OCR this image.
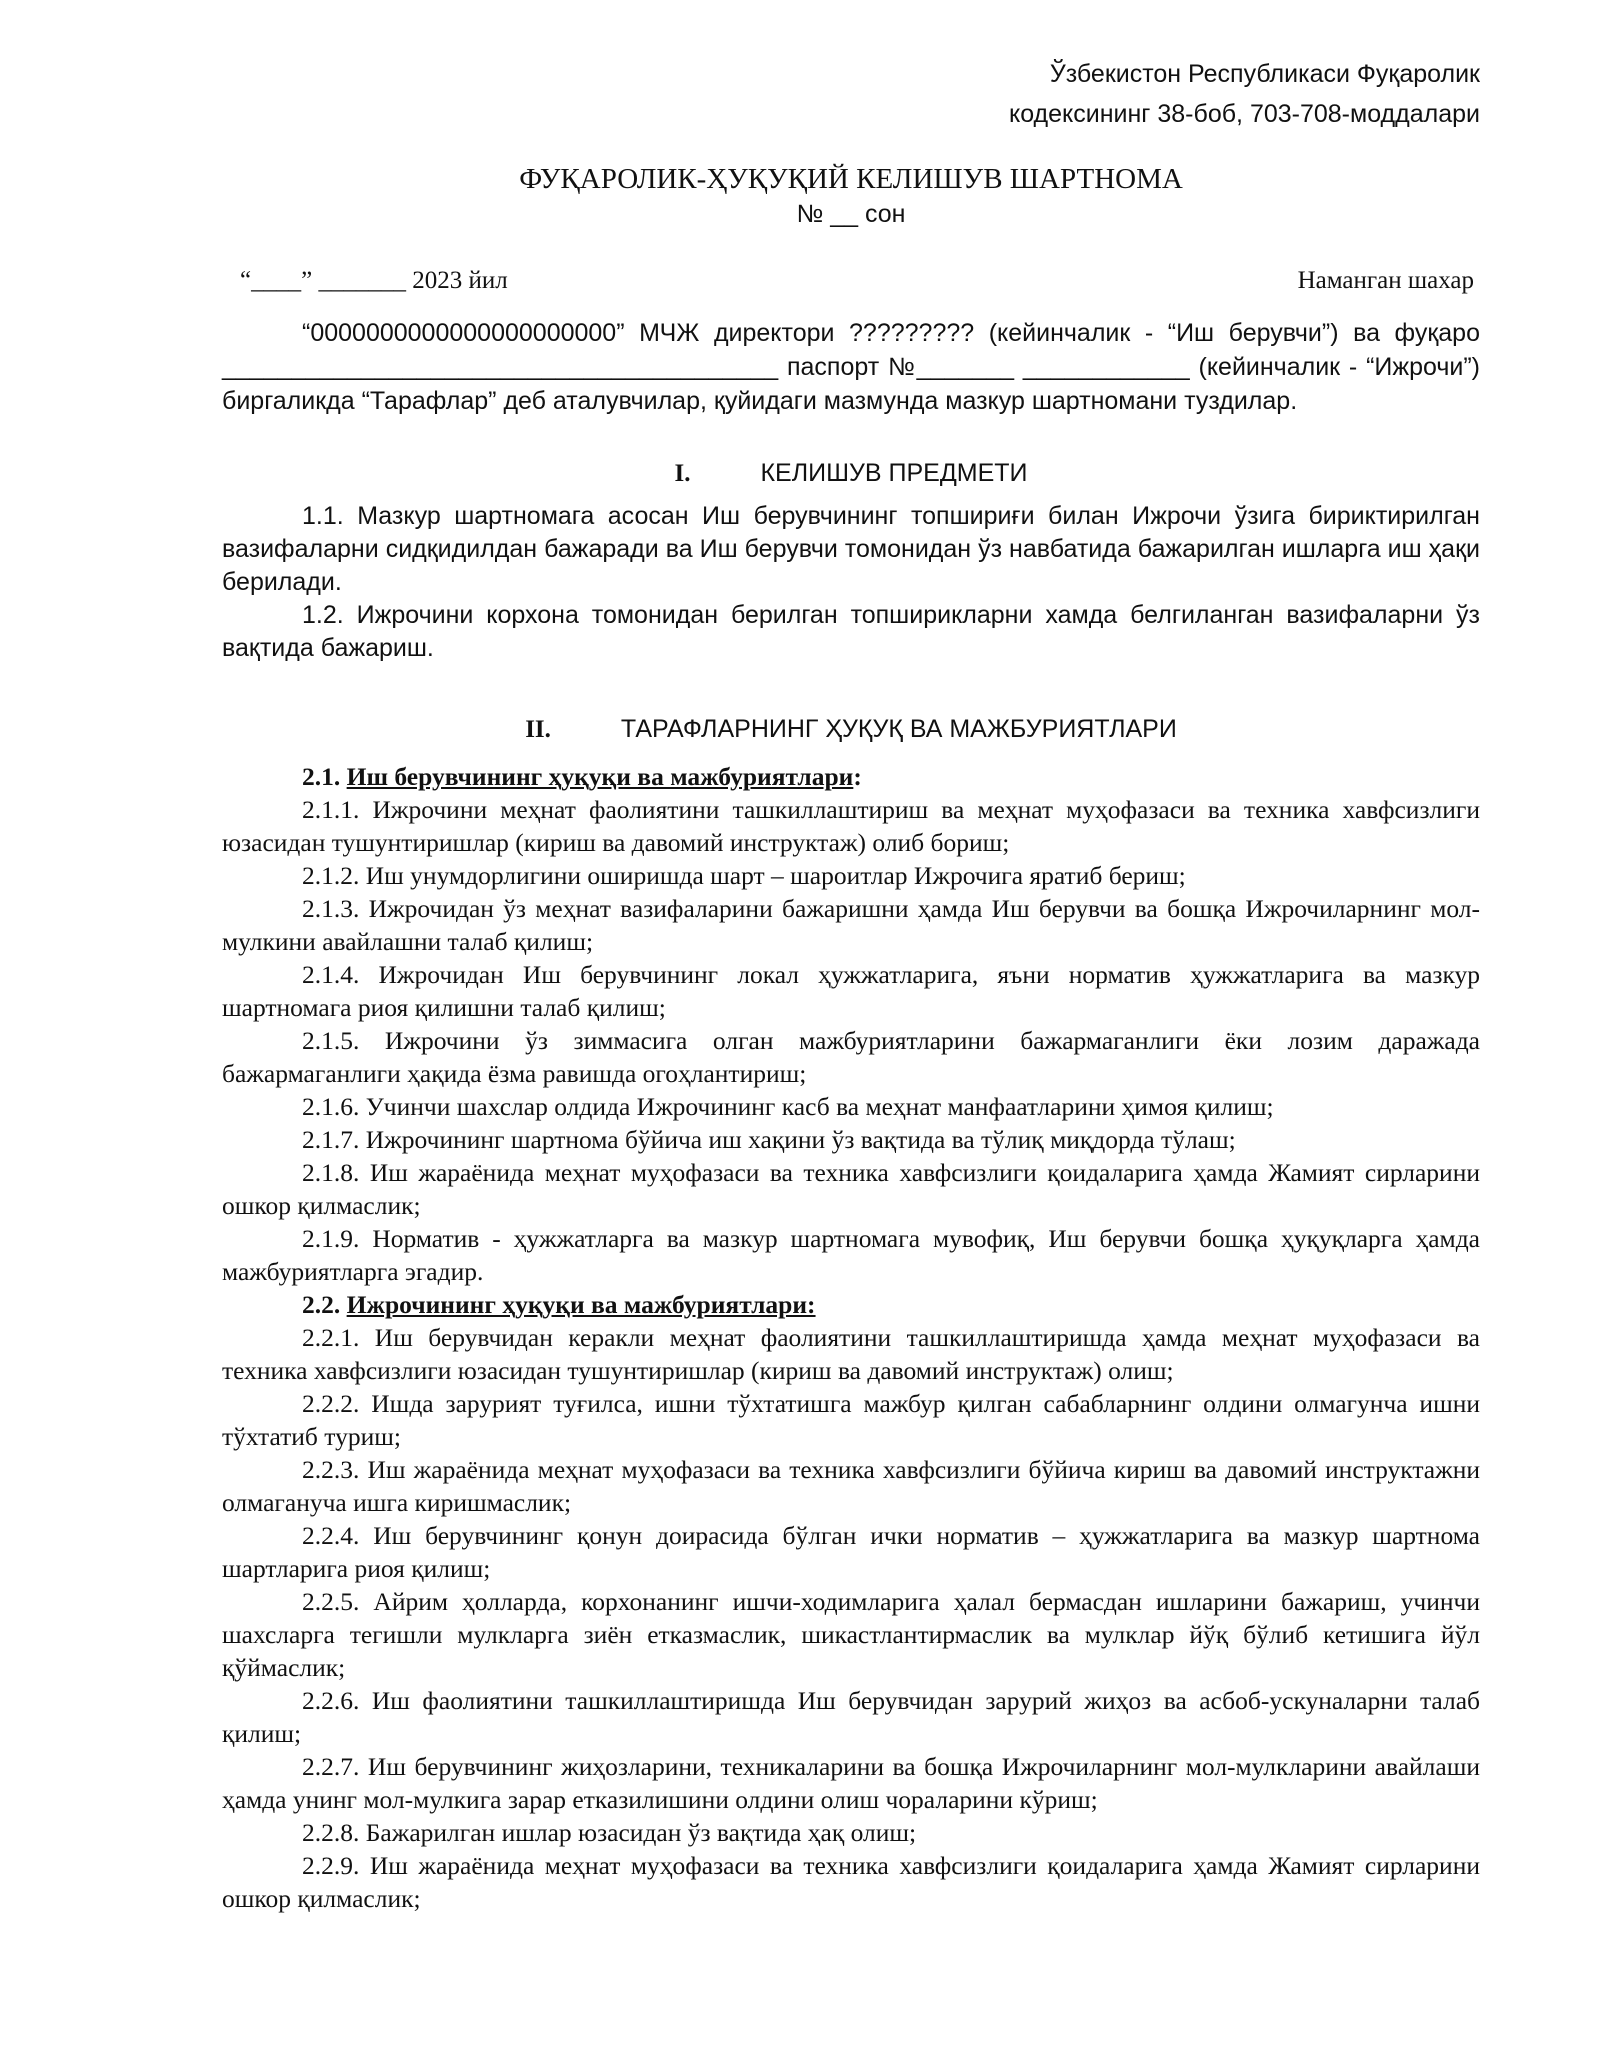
Ўзбекистон Республикаси Фуқаролик
кодексининг 38-боб, 703-708-моддалари
ФУҚАРОЛИК-ҲУҚУҚИЙ КЕЛИШУВ ШАРТНОМА
№ __ сон
“____” _______ 2023 йил	Наманган шахар

“0000000000000000000000” МЧЖ директори ????????? (кейинчалик - “Иш берувчи”) ва фуқаро ________________________________________ паспорт №_______ ____________ (кейинчалик - “Ижрочи”) биргаликда “Тарафлар” деб аталувчилар, қуйидаги мазмунда мазкур шартномани туздилар.

I.	КЕЛИШУВ ПРЕДМЕТИ

1.1. Мазкур шартномага асосан Иш берувчининг топшириғи билан Ижрочи ўзига бириктирилган вазифаларни сидқидилдан бажаради ва Иш берувчи томонидан ўз навбатида бажарилган ишларга иш ҳақи берилади.

1.2. Ижрочини корхона томонидан берилган топширикларни хамда белгиланган вазифаларни ўз вақтида бажариш.

II.	ТАРАФЛАРНИНГ ҲУҚУҚ ВА МАЖБУРИЯТЛАРИ

2.1. Иш берувчининг ҳуқуқи ва мажбуриятлари:

2.1.1. Ижрочини меҳнат фаолиятини ташкиллаштириш ва меҳнат муҳофазаси ва техника хавфсизлиги юзасидан тушунтиришлар (кириш ва давомий инструктаж) олиб бориш;

2.1.2. Иш унумдорлигини оширишда шарт – шароитлар Ижрочига яратиб бериш;

2.1.3. Ижрочидан ўз меҳнат вазифаларини бажаришни ҳамда Иш берувчи ва бошқа Ижрочиларнинг мол-мулкини авайлашни талаб қилиш;

2.1.4. Ижрочидан Иш берувчининг локал ҳужжатларига, яъни норматив ҳужжатларига ва мазкур шартномага риоя қилишни талаб қилиш;

2.1.5. Ижрочини ўз зиммасига олган мажбуриятларини бажармаганлиги ёки лозим даражада бажармаганлиги ҳақида ёзма равишда огоҳлантириш;

2.1.6. Учинчи шахслар олдида Ижрочининг касб ва меҳнат манфаатларини ҳимоя қилиш;

2.1.7. Ижрочининг шартнома бўйича иш хақини ўз вақтида ва тўлиқ миқдорда тўлаш;

2.1.8. Иш жараёнида меҳнат муҳофазаси ва техника хавфсизлиги қоидаларига ҳамда Жамият сирларини ошкор қилмаслик;

2.1.9. Норматив - ҳужжатларга ва мазкур шартномага мувофиқ, Иш берувчи бошқа ҳуқуқларга ҳамда мажбуриятларга эгадир.

2.2. Ижрочининг ҳуқуқи ва мажбуриятлари:

2.2.1. Иш берувчидан керакли меҳнат фаолиятини ташкиллаштиришда ҳамда меҳнат муҳофазаси ва техника хавфсизлиги юзасидан тушунтиришлар (кириш ва давомий инструктаж) олиш;

2.2.2. Ишда зарурият туғилса, ишни тўхтатишга мажбур қилган сабабларнинг олдини олмагунча ишни тўхтатиб туриш;

2.2.3. Иш жараёнида меҳнат муҳофазаси ва техника хавфсизлиги бўйича кириш ва давомий инструктажни олмагануча ишга киришмаслик;

2.2.4. Иш берувчининг қонун доирасида бўлган ички норматив – ҳужжатларига ва мазкур шартнома шартларига риоя қилиш;

2.2.5. Айрим ҳолларда, корхонанинг ишчи-ходимларига ҳалал бермасдан ишларини бажариш, учинчи шахсларга тегишли мулкларга зиён етказмаслик, шикастлантирмаслик ва мулклар йўқ бўлиб кетишига йўл қўймаслик;

2.2.6. Иш фаолиятини ташкиллаштиришда Иш берувчидан зарурий жиҳоз ва асбоб-ускуналарни талаб қилиш;

2.2.7. Иш берувчининг жиҳозларини, техникаларини ва бошқа Ижрочиларнинг мол-мулкларини авайлаши ҳамда унинг мол-мулкига зарар етказилишини олдини олиш чораларини кўриш;

2.2.8. Бажарилган ишлар юзасидан ўз вақтида ҳақ олиш;

2.2.9. Иш жараёнида меҳнат муҳофазаси ва техника хавфсизлиги қоидаларига ҳамда Жамият сирларини ошкор қилмаслик;
